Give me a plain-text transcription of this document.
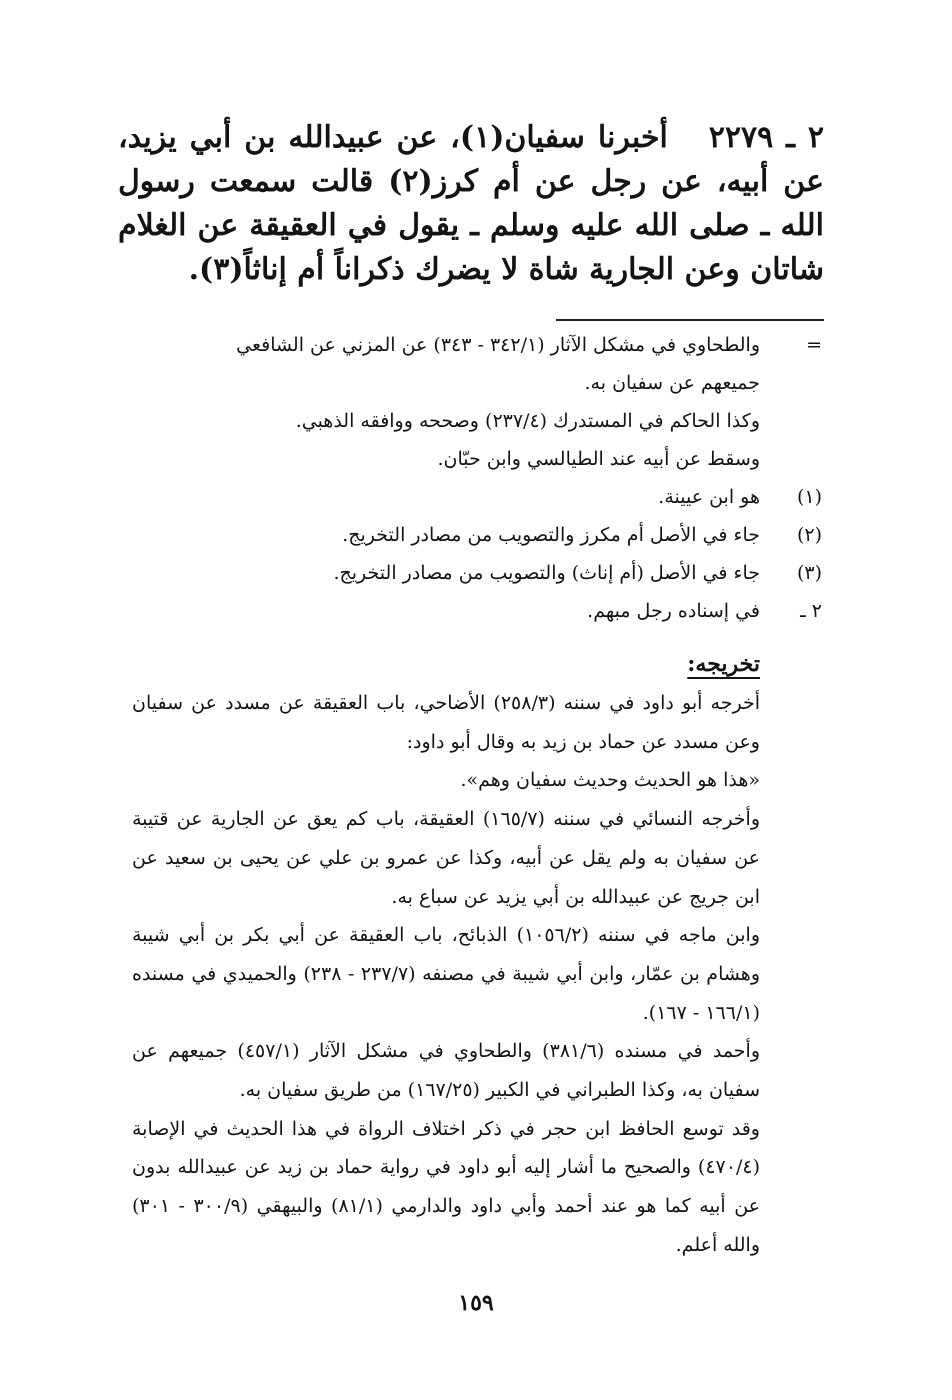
٢ ـ ٢٢٧٩ أخبرنا سفيان(١)، عن عبيدالله بن أبي يزيد، عن أبيه، عن رجل عن أم كرز(٢) قالت سمعت رسول الله ـ صلى الله عليه وسلم ـ يقول في العقيقة عن الغلام شاتان وعن الجارية شاة لا يضرك ذكراناً أم إناثاً(٣).

=
والطحاوي في مشكل الآثار (٣٤٢/١ - ٣٤٣) عن المزني عن الشافعي
جميعهم عن سفيان به.
وكذا الحاكم في المستدرك (٢٣٧/٤) وصححه ووافقه الذهبي.
وسقط عن أبيه عند الطيالسي وابن حبّان.
(١)
هو ابن عيينة.
(٢)
جاء في الأصل أم مكرز والتصويب من مصادر التخريج.
(٣)
جاء في الأصل (أم إناث) والتصويب من مصادر التخريج.
٢ ـ
في إسناده رجل مبهم.
تخريجه:

أخرجه أبو داود في سننه (٢٥٨/٣) الأضاحي، باب العقيقة عن مسدد عن سفيان وعن مسدد عن حماد بن زيد به وقال أبو داود:

«هذا هو الحديث وحديث سفيان وهم».

وأخرجه النسائي في سننه (١٦٥/٧) العقيقة، باب كم يعق عن الجارية عن قتيبة عن سفيان به ولم يقل عن أبيه، وكذا عن عمرو بن علي عن يحيى بن سعيد عن ابن جريج عن عبيدالله بن أبي يزيد عن سباع به.

وابن ماجه في سننه (١٠٥٦/٢) الذبائح، باب العقيقة عن أبي بكر بن أبي شيبة وهشام بن عمّار، وابن أبي شيبة في مصنفه (٢٣٧/٧ - ٢٣٨) والحميدي في مسنده (١٦٦/١ - ١٦٧).

وأحمد في مسنده (٣٨١/٦) والطحاوي في مشكل الآثار (٤٥٧/١) جميعهم عن سفيان به، وكذا الطبراني في الكبير (١٦٧/٢٥) من طريق سفيان به.

وقد توسع الحافظ ابن حجر في ذكر اختلاف الرواة في هذا الحديث في الإصابة (٤٧٠/٤) والصحيح ما أشار إليه أبو داود في رواية حماد بن زيد عن عبيدالله بدون عن أبيه كما هو عند أحمد وأبي داود والدارمي (٨١/١) والبيهقي (٣٠٠/٩ - ٣٠١) والله أعلم.

١٥٩
